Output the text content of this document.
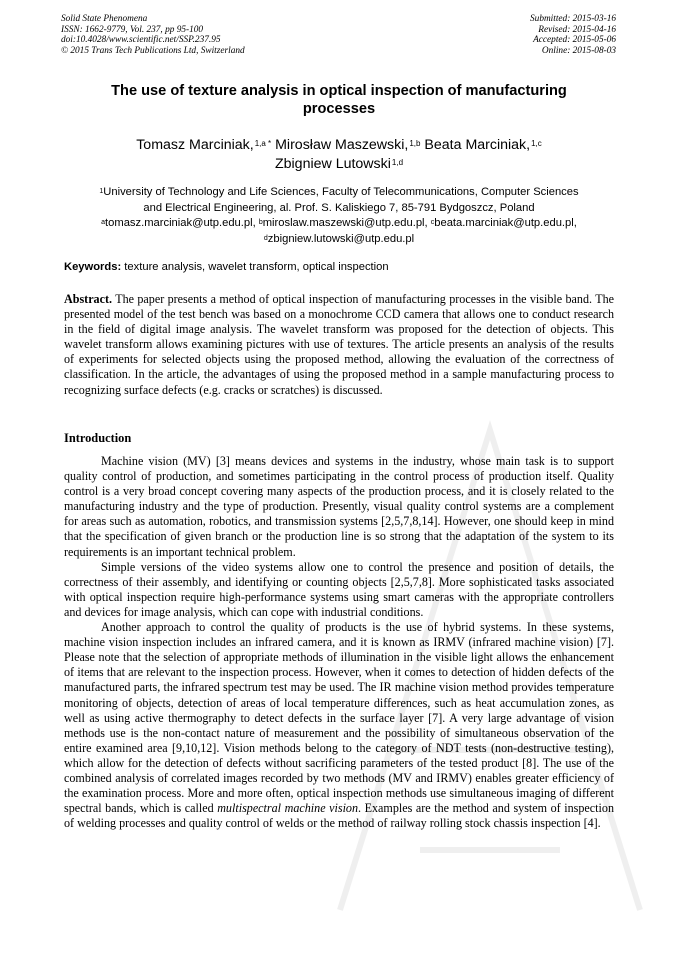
Solid State Phenomena
ISSN: 1662-9779, Vol. 237, pp 95-100
doi:10.4028/www.scientific.net/SSP.237.95
© 2015 Trans Tech Publications Ltd, Switzerland
Submitted: 2015-03-16
Revised: 2015-04-16
Accepted: 2015-05-06
Online: 2015-08-03
The use of texture analysis in optical inspection of manufacturing
processes
Tomasz Marciniak,$^{1,a *}$ Mirosław Maszewski,$^{1,b}$ Beata Marciniak,$^{1,c}$
Zbigniew Lutowski$^{1,d}$
$^1$University of Technology and Life Sciences, Faculty of Telecommunications, Computer Sciences
and Electrical Engineering, al. Prof. S. Kaliskiego 7, 85-791 Bydgoszcz, Poland
$^a$tomasz.marciniak@utp.edu.pl, $^b$miroslaw.maszewski@utp.edu.pl, $^c$beata.marciniak@utp.edu.pl,
$^d$zbigniew.lutowski@utp.edu.pl
Keywords: texture analysis, wavelet transform, optical inspection

Abstract. The paper presents a method of optical inspection of manufacturing processes in the visible band. The presented model of the test bench was based on a monochrome CCD camera that allows one to conduct research in the field of digital image analysis. The wavelet transform was proposed for the detection of objects. This wavelet transform allows examining pictures with use of textures. The article presents an analysis of the results of experiments for selected objects using the proposed method, allowing the evaluation of the correctness of classification. In the article, the advantages of using the proposed method in a sample manufacturing process to recognizing surface defects (e.g. cracks or scratches) is discussed.

Introduction

Machine vision (MV) [3] means devices and systems in the industry, whose main task is to support quality control of production, and sometimes participating in the control process of production itself. Quality control is a very broad concept covering many aspects of the production process, and it is closely related to the manufacturing industry and the type of production. Presently, visual quality control systems are a complement for areas such as automation, robotics, and transmission systems [2,5,7,8,14]. However, one should keep in mind that the specification of given branch or the production line is so strong that the adaptation of the system to its requirements is an important technical problem.

Simple versions of the video systems allow one to control the presence and position of details, the correctness of their assembly, and identifying or counting objects [2,5,7,8]. More sophisticated tasks associated with optical inspection require high-performance systems using smart cameras with the appropriate controllers and devices for image analysis, which can cope with industrial conditions.

Another approach to control the quality of products is the use of hybrid systems. In these systems, machine vision inspection includes an infrared camera, and it is known as IRMV (infrared machine vision) [7]. Please note that the selection of appropriate methods of illumination in the visible light allows the enhancement of items that are relevant to the inspection process. However, when it comes to detection of hidden defects of the manufactured parts, the infrared spectrum test may be used. The IR machine vision method provides temperature monitoring of objects, detection of areas of local temperature differences, such as heat accumulation zones, as well as using active thermography to detect defects in the surface layer [7]. A very large advantage of vision methods use is the non-contact nature of measurement and the possibility of simultaneous observation of the entire examined area [9,10,12]. Vision methods belong to the category of NDT tests (non-destructive testing), which allow for the detection of defects without sacrificing parameters of the tested product [8]. The use of the combined analysis of correlated images recorded by two methods (MV and IRMV) enables greater efficiency of the examination process. More and more often, optical inspection methods use simultaneous imaging of different spectral bands, which is called multispectral machine vision. Examples are the method and system of inspection of welding processes and quality control of welds or the method of railway rolling stock chassis inspection [4].
